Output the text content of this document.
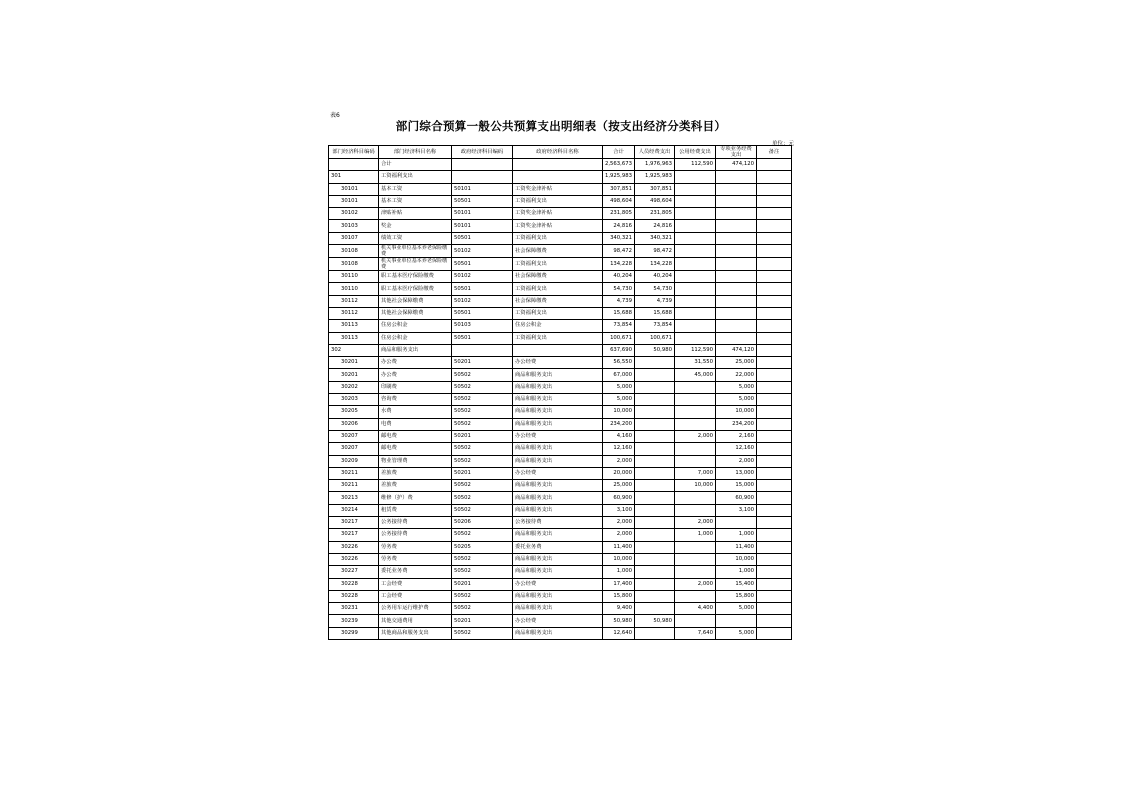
表6
部门综合预算一般公共预算支出明细表（按支出经济分类科目）
单位：元
部门经济科目编码	部门经济科目名称	政府经济科目编码	政府经济科目名称	合计	人员经费支出	公用经费支出	专项业务经费支出	备注
	合计			2,563,673	1,976,963	112,590	474,120	
301	工资福利支出			1,925,983	1,925,983			
30101	基本工资	50101	工资奖金津补贴	307,851	307,851			
30101	基本工资	50501	工资福利支出	498,604	498,604			
30102	津贴补贴	50101	工资奖金津补贴	231,805	231,805			
30103	奖金	50101	工资奖金津补贴	24,816	24,816			
30107	绩效工资	50501	工资福利支出	340,321	340,321			
30108	机关事业单位基本养老保险缴费	50102	社会保障缴费	98,472	98,472			
30108	机关事业单位基本养老保险缴费	50501	工资福利支出	134,228	134,228			
30110	职工基本医疗保险缴费	50102	社会保障缴费	40,204	40,204			
30110	职工基本医疗保险缴费	50501	工资福利支出	54,730	54,730			
30112	其他社会保障缴费	50102	社会保障缴费	4,739	4,739			
30112	其他社会保障缴费	50501	工资福利支出	15,688	15,688			
30113	住房公积金	50103	住房公积金	73,854	73,854			
30113	住房公积金	50501	工资福利支出	100,671	100,671			
302	商品和服务支出			637,690	50,980	112,590	474,120	
30201	办公费	50201	办公经费	56,550		31,550	25,000	
30201	办公费	50502	商品和服务支出	67,000		45,000	22,000	
30202	印刷费	50502	商品和服务支出	5,000			5,000	
30203	咨询费	50502	商品和服务支出	5,000			5,000	
30205	水费	50502	商品和服务支出	10,000			10,000	
30206	电费	50502	商品和服务支出	234,200			234,200	
30207	邮电费	50201	办公经费	4,160		2,000	2,160	
30207	邮电费	50502	商品和服务支出	12,160			12,160	
30209	物业管理费	50502	商品和服务支出	2,000			2,000	
30211	差旅费	50201	办公经费	20,000		7,000	13,000	
30211	差旅费	50502	商品和服务支出	25,000		10,000	15,000	
30213	维修（护）费	50502	商品和服务支出	60,900			60,900	
30214	租赁费	50502	商品和服务支出	3,100			3,100	
30217	公务接待费	50206	公务接待费	2,000		2,000		
30217	公务接待费	50502	商品和服务支出	2,000		1,000	1,000	
30226	劳务费	50205	委托业务费	11,400			11,400	
30226	劳务费	50502	商品和服务支出	10,000			10,000	
30227	委托业务费	50502	商品和服务支出	1,000			1,000	
30228	工会经费	50201	办公经费	17,400		2,000	15,400	
30228	工会经费	50502	商品和服务支出	15,800			15,800	
30231	公务用车运行维护费	50502	商品和服务支出	9,400		4,400	5,000	
30239	其他交通费用	50201	办公经费	50,980	50,980			
30299	其他商品和服务支出	50502	商品和服务支出	12,640		7,640	5,000	
